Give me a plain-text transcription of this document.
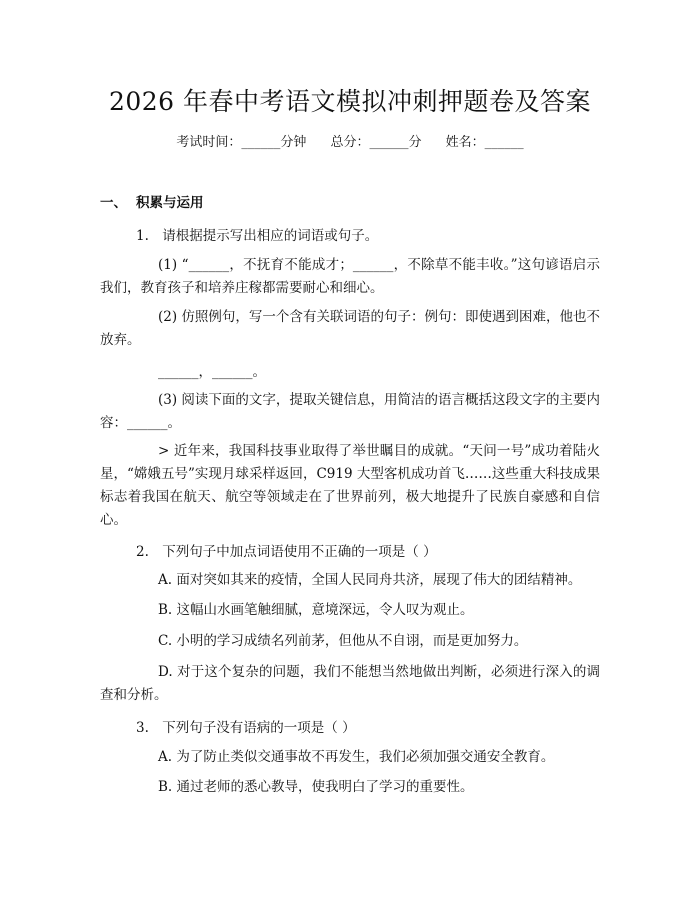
2026 年春中考语文模拟冲刺押题卷及答案
考试时间：______分钟 总分：______分 姓名：______
一、 积累与运用
1. 请根据提示写出相应的词语或句子。
(1) “______，不抚育不能成才；______，不除草不能丰收。”这句谚语启示我们，教育孩子和培养庄稼都需要耐心和细心。
(2) 仿照例句，写一个含有关联词语的句子：例句：即使遇到困难，他也不放弃。
______，______。
(3) 阅读下面的文字，提取关键信息，用简洁的语言概括这段文字的主要内容：______。
> 近年来，我国科技事业取得了举世瞩目的成就。“天问一号”成功着陆火星，“嫦娥五号”实现月球采样返回，C919 大型客机成功首飞……这些重大科技成果标志着我国在航天、航空等领域走在了世界前列，极大地提升了民族自豪感和自信心。
2. 下列句子中加点词语使用不正确的一项是（ ）
A. 面对突如其来的疫情，全国人民同舟共济，展现了伟大的团结精神。
B. 这幅山水画笔触细腻，意境深远，令人叹为观止。
C. 小明的学习成绩名列前茅，但他从不自诩，而是更加努力。
D. 对于这个复杂的问题，我们不能想当然地做出判断，必须进行深入的调查和分析。
3. 下列句子没有语病的一项是（ ）
A. 为了防止类似交通事故不再发生，我们必须加强交通安全教育。
B. 通过老师的悉心教导，使我明白了学习的重要性。
